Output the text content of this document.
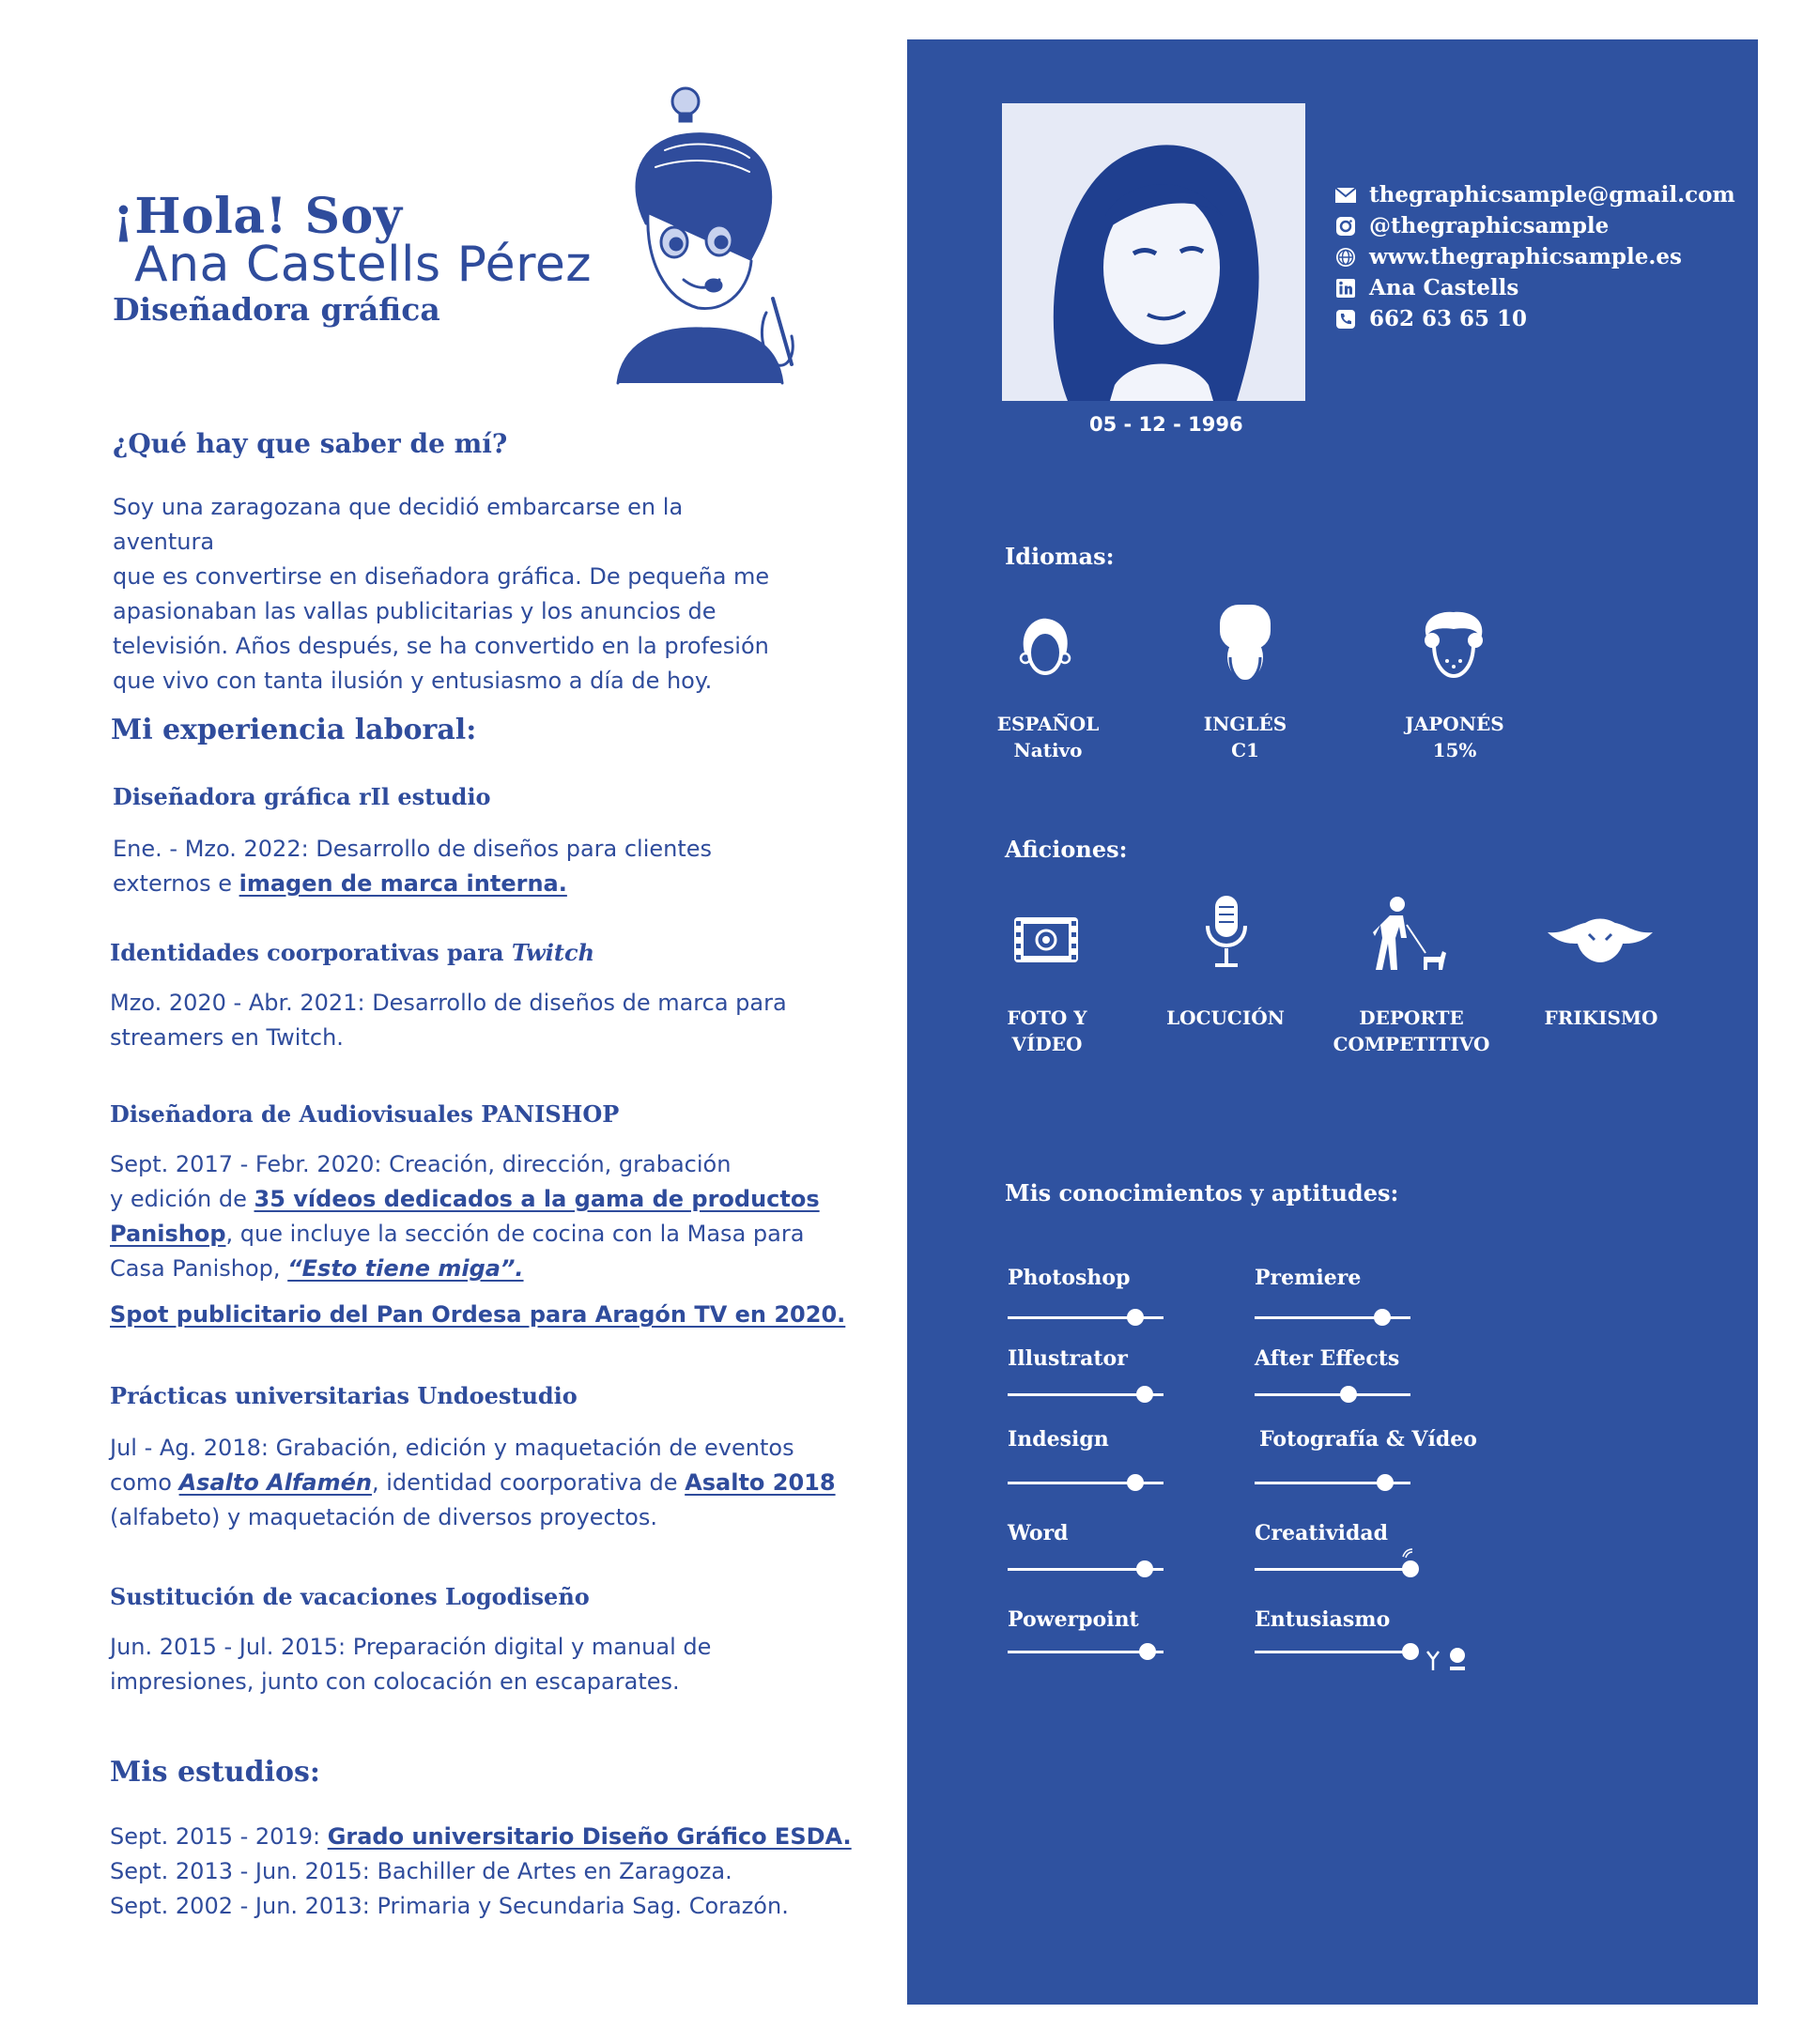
¡Hola! Soy
Ana Castells Pérez
Diseñadora gráfica
¿Qué hay que saber de mí?
Soy una zaragozana que decidió embarcarse en la aventura
que es convertirse en diseñadora gráfica. De pequeña me
apasionaban las vallas publicitarias y los anuncios de
televisión. Años después, se ha convertido en la profesión
que vivo con tanta ilusión y entusiasmo a día de hoy.
Mi experiencia laboral:
Diseñadora gráfica rIl estudio
Ene. - Mzo. 2022: Desarrollo de diseños para clientes
externos e imagen de marca interna.
Identidades coorporativas para Twitch
Mzo. 2020 - Abr. 2021: Desarrollo de diseños de marca para
streamers en Twitch.
Diseñadora de Audiovisuales PANISHOP
Sept. 2017 - Febr. 2020: Creación, dirección, grabación
y edición de 35 vídeos dedicados a la gama de productos
Panishop, que incluye la sección de cocina con la Masa para
Casa Panishop, “Esto tiene miga”.
Spot publicitario del Pan Ordesa para Aragón TV en 2020.
Prácticas universitarias Undoestudio
Jul - Ag. 2018: Grabación, edición y maquetación de eventos
como Asalto Alfamén, identidad coorporativa de Asalto 2018
(alfabeto) y maquetación de diversos proyectos.
Sustitución de vacaciones Logodiseño
Jun. 2015 - Jul. 2015: Preparación digital y manual de
impresiones, junto con colocación en escaparates.
Mis estudios:
Sept. 2015 - 2019: Grado universitario Diseño Gráfico ESDA.
Sept. 2013 - Jun. 2015: Bachiller de Artes en Zaragoza.
Sept. 2002 - Jun. 2013: Primaria y Secundaria Sag. Corazón.
05 - 12 - 1996
thegraphicsample@gmail.com
@thegraphicsample
www.thegraphicsample.es
Ana Castells
662 63 65 10
Idiomas:
ESPAÑOL
Nativo
INGLÉS
C1
JAPONÉS
15%
Aficiones:
FOTO Y
VÍDEO
LOCUCIÓN	DEPORTE
COMPETITIVO
FRIKISMO
Mis conocimientos y aptitudes:
Photoshop	Premiere
Illustrator	After Effects
Indesign	Fotografía & Vídeo
Word	Creatividad
Powerpoint	Entusiasmo
